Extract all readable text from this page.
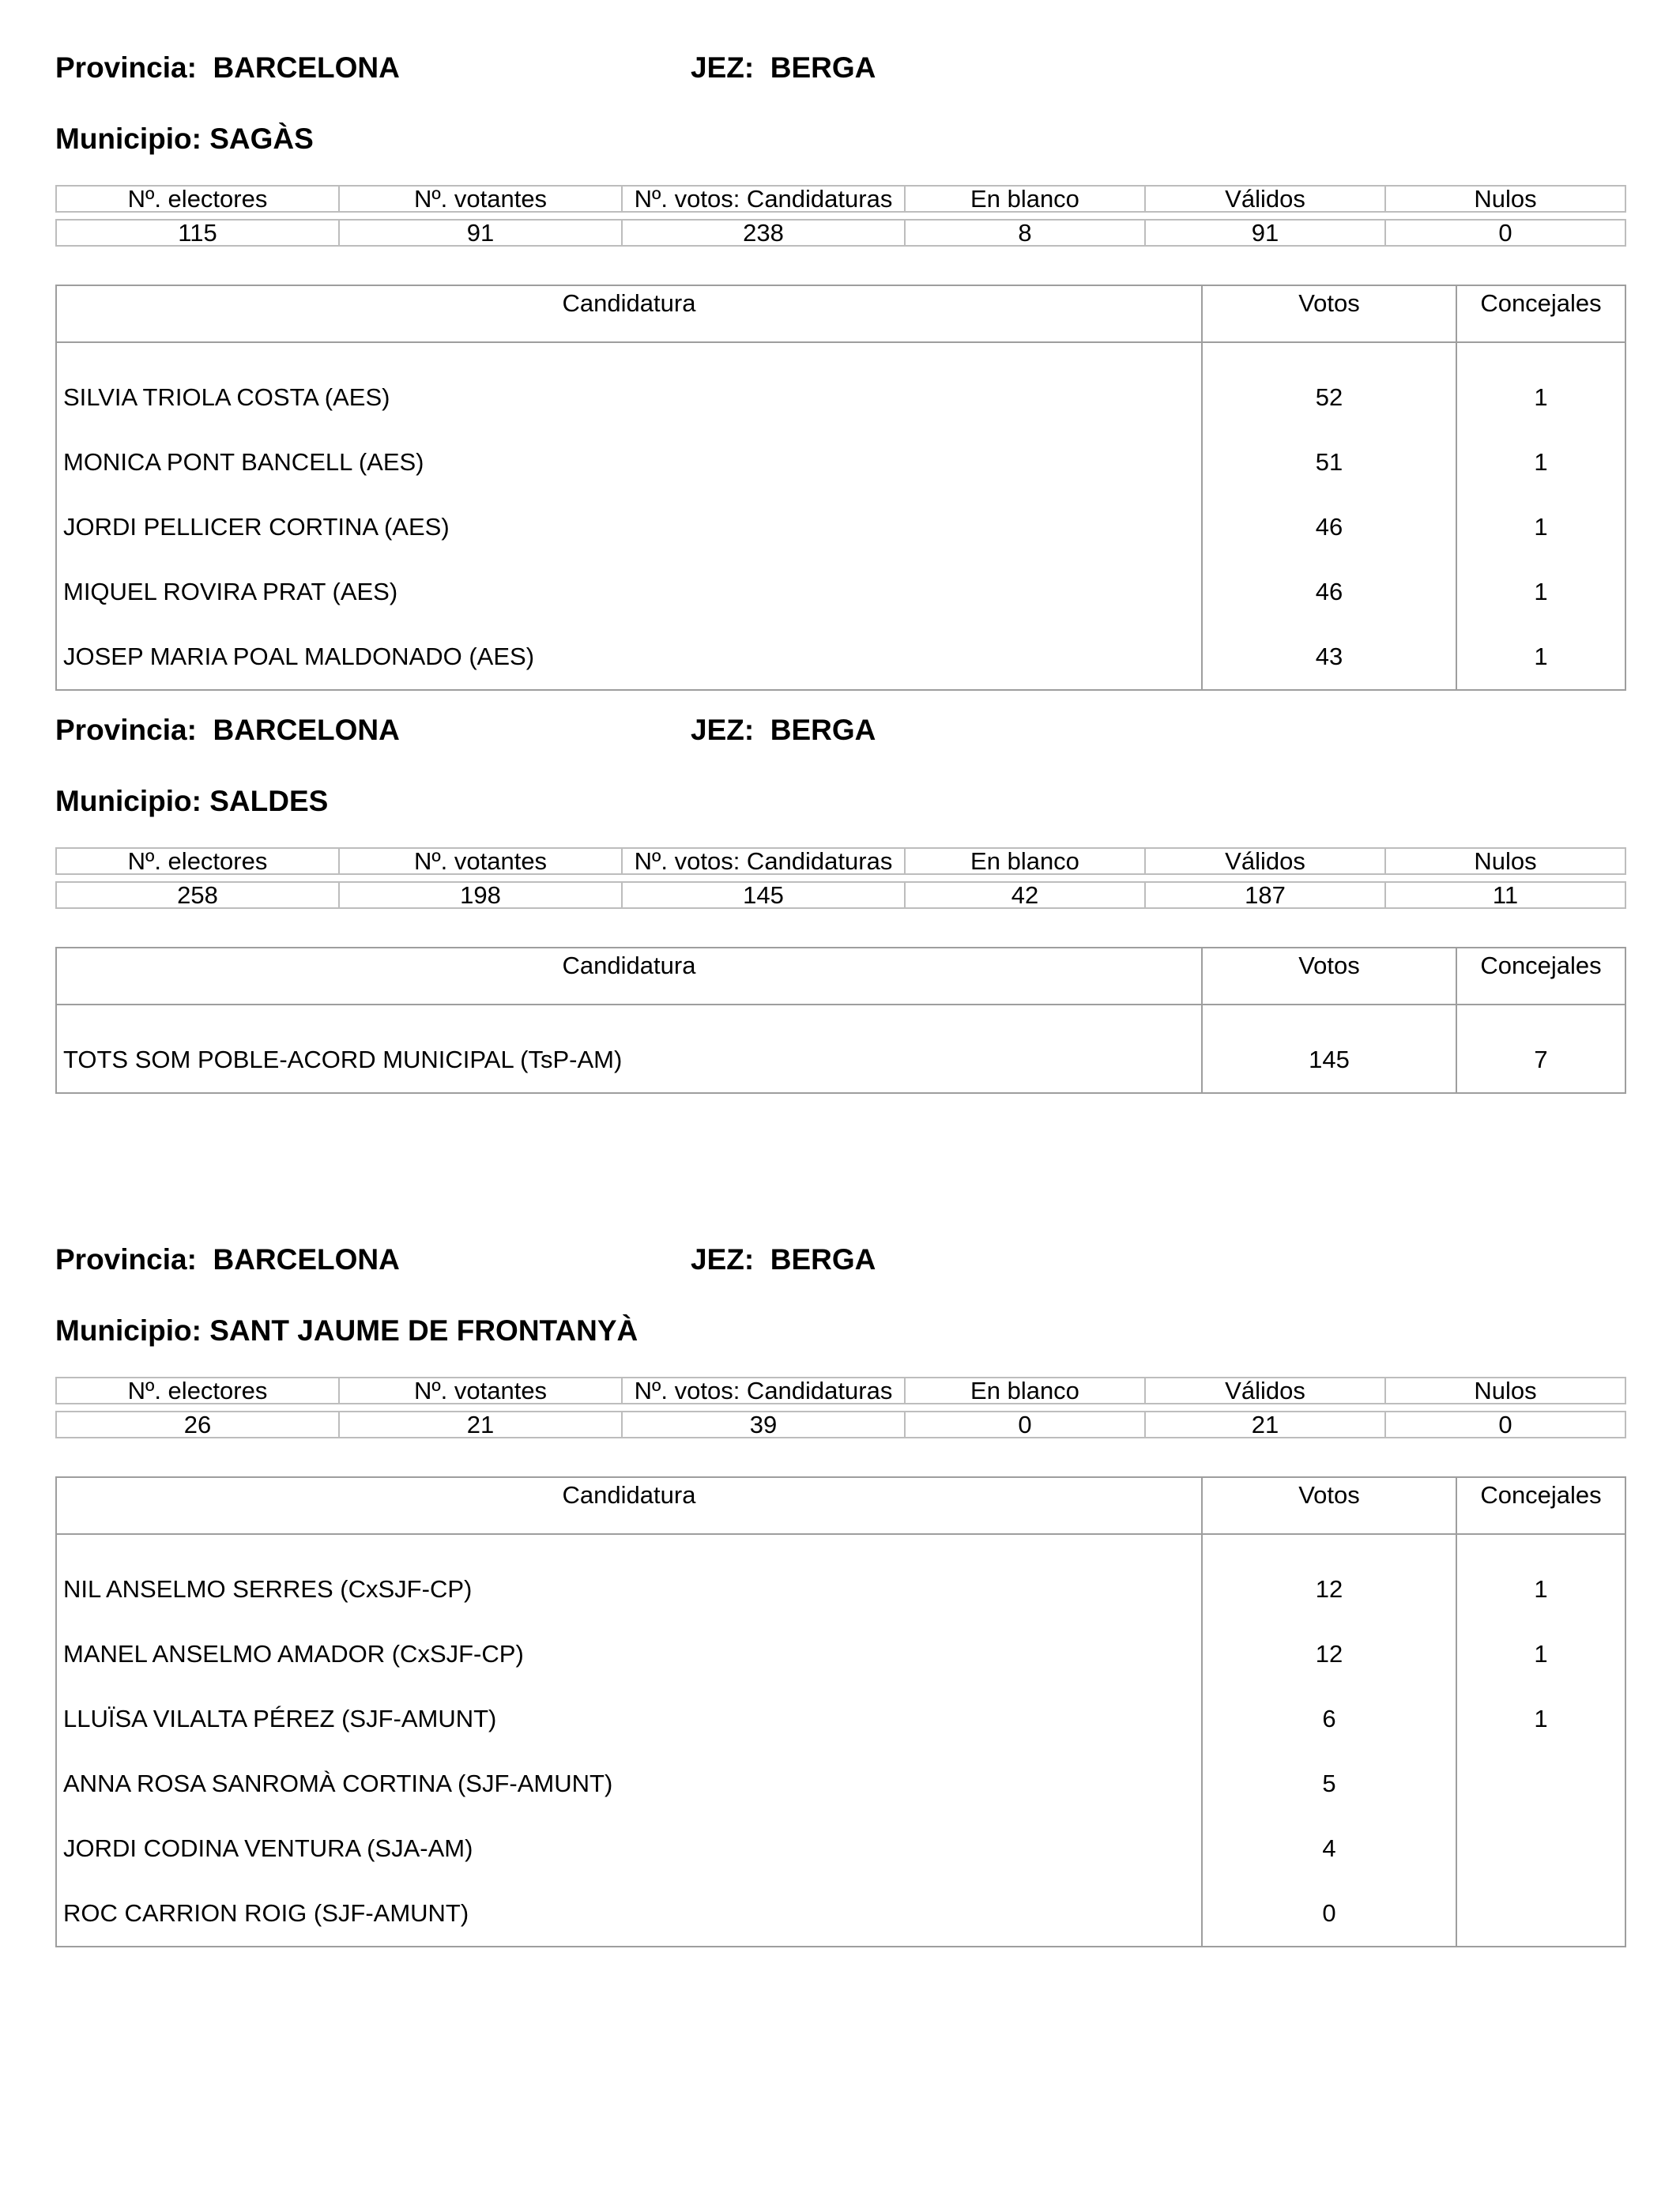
Provincia: BARCELONA	JEZ: BERGA
Municipio: SAGÀS
Nº. electores	Nº. votantes	Nº. votos: Candidaturas	En blanco	Válidos	Nulos

115	91	238	8	91	0
Candidatura	Votos	Concejales
SILVIA TRIOLA COSTA (AES)	52	1
MONICA PONT BANCELL (AES)	51	1
JORDI PELLICER CORTINA (AES)	46	1
MIQUEL ROVIRA PRAT (AES)	46	1
JOSEP MARIA POAL MALDONADO (AES)	43	1
Provincia: BARCELONA	JEZ: BERGA
Municipio: SALDES
Nº. electores	Nº. votantes	Nº. votos: Candidaturas	En blanco	Válidos	Nulos

258	198	145	42	187	11
Candidatura	Votos	Concejales
TOTS SOM POBLE-ACORD MUNICIPAL (TsP-AM)	145	7
Provincia: BARCELONA	JEZ: BERGA
Municipio: SANT JAUME DE FRONTANYÀ
Nº. electores	Nº. votantes	Nº. votos: Candidaturas	En blanco	Válidos	Nulos

26	21	39	0	21	0
Candidatura	Votos	Concejales
NIL ANSELMO SERRES (CxSJF-CP)	12	1
MANEL ANSELMO AMADOR (CxSJF-CP)	12	1
LLUÏSA VILALTA PÉREZ (SJF-AMUNT)	6	1
ANNA ROSA SANROMÀ CORTINA (SJF-AMUNT)	5	
JORDI CODINA VENTURA (SJA-AM)	4	
ROC CARRION ROIG (SJF-AMUNT)	0	
